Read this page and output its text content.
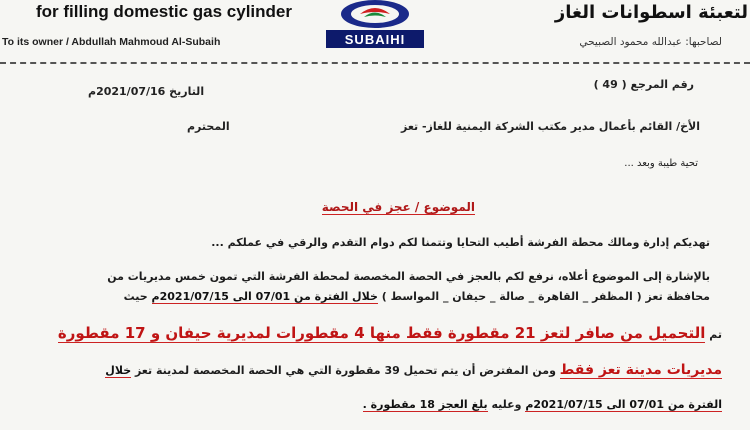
for filling domestic gas cylinder
To its owner / Abdullah Mahmoud Al-Subaih	SUBAIHI
لتعبئة اسطوانات الغاز
لصاحبها: عبدالله محمود الصبيحي
رقم المرجع ( 49 )
التاريخ 2021/07/16م
الأخ/ القائم بأعمال مدير مكتب الشركة اليمنية للغاز- تعز
المحترم
تحية طيبة وبعد ...
الموضوع / عجز في الحصة
تهديكم إدارة ومالك محطة الفرشة أطيب التحايا وتتمنا لكم دوام التقدم والرقي في عملكم ...
بالإشارة إلى الموضوع أعلاه، نرفع لكم بالعجز في الحصة المخصصة لمحطة الفرشة التي تمون خمس مديريات من
محافظة تعز ( المظفر _ القاهرة _ صالة _ حيفان _ المواسط ) خلال الفترة من 07/01 الى 2021/07/15م حيث
تم التحميل من صافر لتعز 21 مقطورة فقط منها 4 مقطورات لمديرية حيفان و 17 مقطورة
مديريات مدينة تعز فقط ومن المفترض أن يتم تحميل 39 مقطورة التي هي الحصة المخصصة لمدينة تعز خلال
الفترة من 07/01 الى 2021/07/15م وعليه بلغ العجز 18 مقطورة .
